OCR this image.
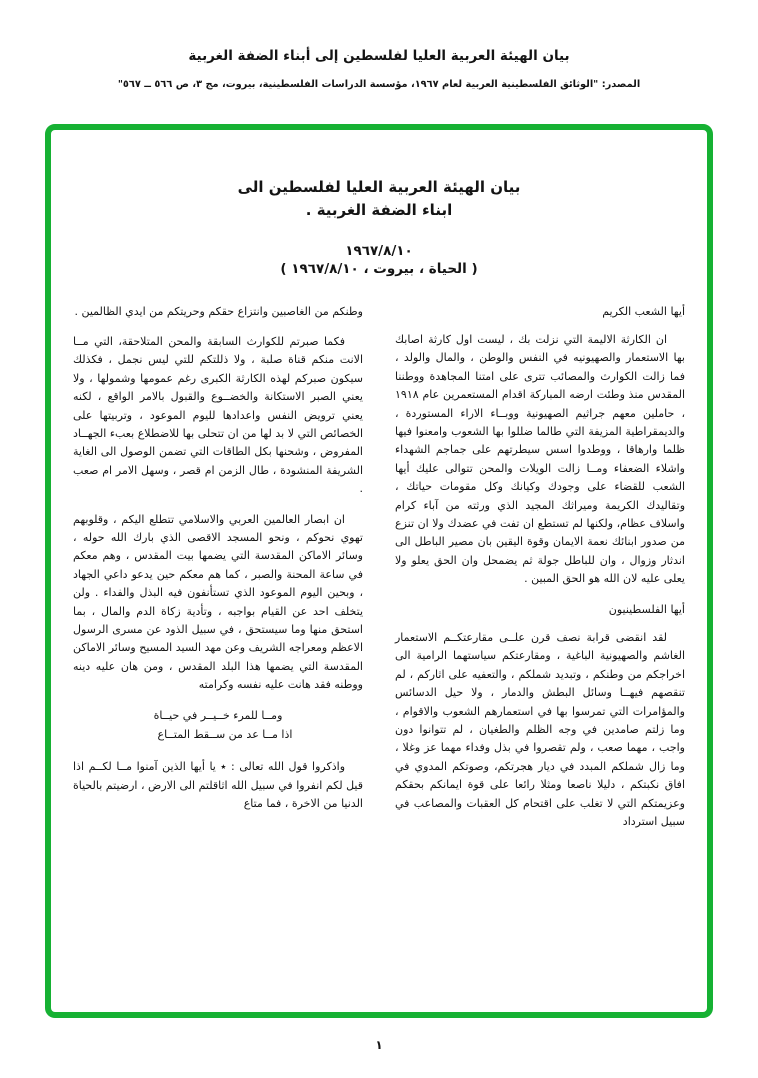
بيان الهيئة العربية العليا لفلسطين إلى أبناء الضفة الغربية
المصدر: "الوثائق الفلسطينية العربية لعام ١٩٦٧، مؤسسة الدراسات الفلسطينية، بيروت، مج ٣، ص ٥٦٦ ــ ٥٦٧"
بيان الهيئة العربية العليا لفلسطين الى
ابناء الضفة الغربية .
١٩٦٧/٨/١٠
( الحياة ، بيروت ، ١٩٦٧/٨/١٠ )
أيها الشعب الكريم

ان الكارثة الاليمة التي نزلت بك ، ليست اول كارثة اصابك بها الاستعمار والصهيونيه في النفس والوطن ، والمال والولد ، فما زالت الكوارث والمصائب تترى على امتنا المجاهدة ووطننا المقدس منذ وطئت ارضه المباركة اقدام المستعمرين عام ١٩١٨ ، حاملين معهم جراثيم الصهيونية ووبــاء الاراء المستوردة ، والديمقراطية المزيفة التي طالما ضللوا بها الشعوب وامعنوا فيها ظلما وارهاقا ، ووطدوا اسس سيطرتهم على جماجم الشهداء واشلاء الضعفاء ومــا زالت الويلات والمحن تتوالى عليك أيها الشعب للقضاء على وجودك وكيانك وكل مقومات حياتك ، وتقاليدك الكريمة وميراثك المجيد الذي ورثته من آباء كرام واسلاف عظام، ولكنها لم تستطع ان تفت في عضدك ولا ان تنزع من صدور ابنائك نعمة الايمان وقوة اليقين بان مصير الباطل الى اندثار وزوال ، وان للباطل جولة ثم يضمحل وان الحق يعلو ولا يعلى عليه لان الله هو الحق المبين .

أيها الفلسطينيون

لقد انقضى قرابة نصف قرن علــى مقارعتكــم الاستعمار الغاشم والصهيونية الباغية ، ومقارعتكم سياستهما الرامية الى اخراجكم من وطنكم ، وتبديد شملكم ، والتعفيه على اثاركم ، لم تنقصهم فيهــا وسائل البطش والدمار ، ولا حيل الدسائس والمؤامرات التي تمرسوا بها في استعمارهم الشعوب والاقوام ، وما زلتم صامدين في وجه الظلم والطغيان ، لم تتوانوا دون واجب ، مهما صعب ، ولم تقصروا في بذل وفداء مهما عز وغلا ، وما زال شملكم المبدد في ديار هجرتكم، وصوتكم المدوي في افاق نكبتكم ، دليلا ناصعا ومثلا رائعا على قوة ايمانكم بحقكم وعزيمتكم التي لا تغلب على اقتحام كل العقبات والمصاعب في سبيل استرداد

وطنكم من الغاصبين وانتزاع حقكم وحريتكم من ايدي الظالمين .

فكما صبرتم للكوارث السابقة والمحن المتلاحقة، التي مــا الانت منكم قناة صلبة ، ولا ذللتكم للتي ليس نجمل ، فكذلك سيكون صبركم لهذه الكارثة الكبرى رغم عمومها وشمولها ، ولا يعني الصبر الاستكانة والخضــوع والقبول بالامر الواقع ، لكنه يعني ترويض النفس واعدادها لليوم الموعود ، وتربيتها على الخصائص التي لا بد لها من ان تتحلى بها للاضطلاع بعبء الجهــاد المفروض ، وشحنها بكل الطاقات التي تضمن الوصول الى الغاية الشريفة المنشودة ، طال الزمن ام قصر ، وسهل الامر ام صعب .

ان ابصار العالمين العربي والاسلامي تتطلع اليكم ، وقلوبهم تهوي نحوكم ، ونحو المسجد الاقصى الذي بارك الله حوله ، وسائر الاماكن المقدسة التي يضمها بيت المقدس ، وهم معكم في ساعة المحنة والصبر ، كما هم معكم حين يدعو داعي الجهاد ، وبحين اليوم الموعود الذي تستأنفون فيه البذل والفداء . ولن يتخلف احد عن القيام بواجبه ، وتأدية زكاة الدم والمال ، بما استحق منها وما سيستحق ، في سبيل الذود عن مسرى الرسول الاعظم ومعراجه الشريف وعن مهد السيد المسيح وسائر الاماكن المقدسة التي يضمها هذا البلد المقدس ، ومن هان عليه دينه ووطنه فقد هانت عليه نفسه وكرامته

ومــا للمرء خــيــر في حيــاة
اذا مــا عد من ســقط المتــاع

واذكروا قول الله تعالى : ٭ يا أيها الذين آمنوا مــا لكــم اذا قيل لكم انفروا في سبيل الله اثاقلتم الى الارض ، ارضيتم بالحياة الدنيا من الاخرة ، فما متاع

١
